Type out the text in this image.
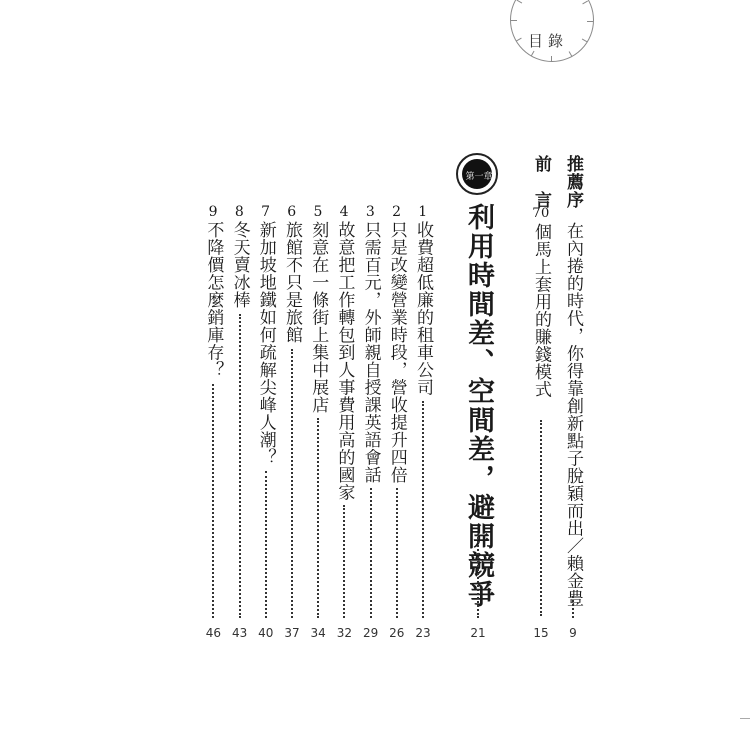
目錄
推薦序
在內捲的時代，你得靠創新點子脫穎而出／賴金豊
9
前　言
70個馬上套用的賺錢模式
15
第一章
利用時間差、空間差，避開競爭
21
1收費超低廉的租車公司
23
2只是改變營業時段，營收提升四倍
26
3只需百元，外師親自授課英語會話
29
4故意把工作轉包到人事費用高的國家
32
5刻意在一條街上集中展店
34
6旅館不只是旅館
37
7新加坡地鐵如何疏解尖峰人潮？
40
8冬天賣冰棒
43
9不降價怎麼銷庫存？
46
